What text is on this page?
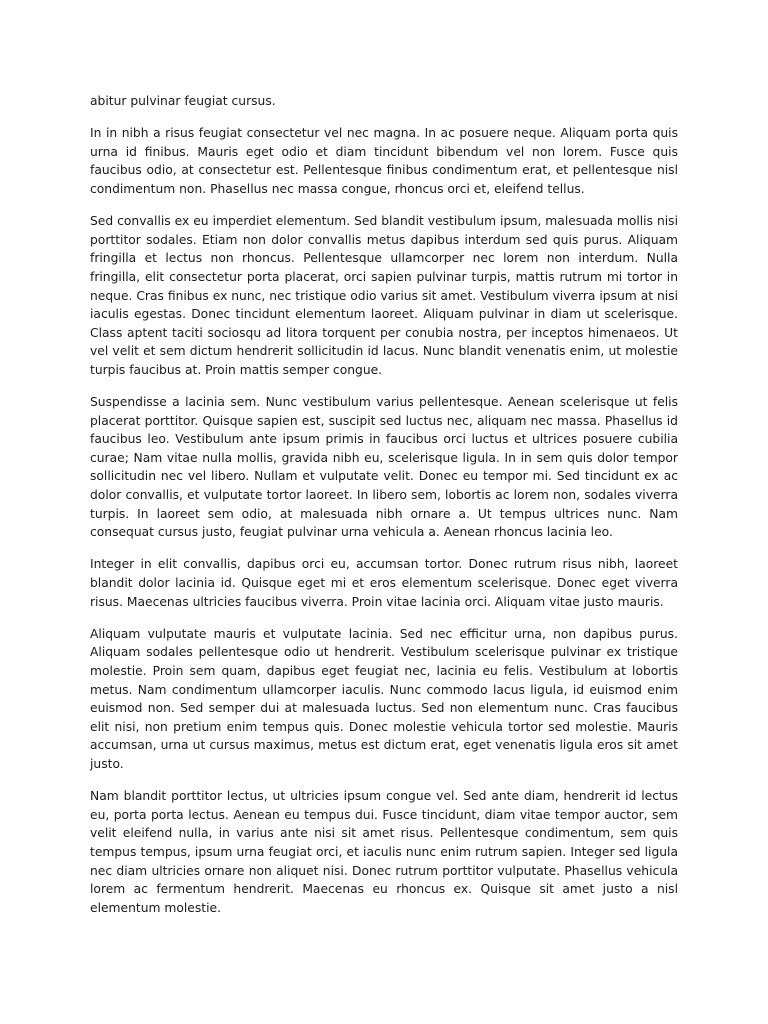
abitur pulvinar feugiat cursus.

In in nibh a risus feugiat consectetur vel nec magna. In ac posuere neque. Aliquam porta quis urna id finibus. Mauris eget odio et diam tincidunt bibendum vel non lorem. Fusce quis faucibus odio, at consectetur est. Pellentesque finibus condimentum erat, et pellentesque nisl condimentum non. Phasellus nec massa congue, rhoncus orci et, eleifend tellus.

Sed convallis ex eu imperdiet elementum. Sed blandit vestibulum ipsum, malesuada mollis nisi porttitor sodales. Etiam non dolor convallis metus dapibus interdum sed quis purus. Aliquam fringilla et lectus non rhoncus. Pellentesque ullamcorper nec lorem non interdum. Nulla fringilla, elit consectetur porta placerat, orci sapien pulvinar turpis, mattis rutrum mi tortor in neque. Cras finibus ex nunc, nec tristique odio varius sit amet. Vestibulum viverra ipsum at nisi iaculis egestas. Donec tincidunt elementum laoreet. Aliquam pulvinar in diam ut scelerisque. Class aptent taciti sociosqu ad litora torquent per conubia nostra, per inceptos himenaeos. Ut vel velit et sem dictum hendrerit sollicitudin id lacus. Nunc blandit venenatis enim, ut molestie turpis faucibus at. Proin mattis semper congue.

Suspendisse a lacinia sem. Nunc vestibulum varius pellentesque. Aenean scelerisque ut felis placerat porttitor. Quisque sapien est, suscipit sed luctus nec, aliquam nec massa. Phasellus id faucibus leo. Vestibulum ante ipsum primis in faucibus orci luctus et ultrices posuere cubilia curae; Nam vitae nulla mollis, gravida nibh eu, scelerisque ligula. In in sem quis dolor tempor sollicitudin nec vel libero. Nullam et vulputate velit. Donec eu tempor mi. Sed tincidunt ex ac dolor convallis, et vulputate tortor laoreet. In libero sem, lobortis ac lorem non, sodales viverra turpis. In laoreet sem odio, at malesuada nibh ornare a. Ut tempus ultrices nunc. Nam consequat cursus justo, feugiat pulvinar urna vehicula a. Aenean rhoncus lacinia leo.

Integer in elit convallis, dapibus orci eu, accumsan tortor. Donec rutrum risus nibh, laoreet blandit dolor lacinia id. Quisque eget mi et eros elementum scelerisque. Donec eget viverra risus. Maecenas ultricies faucibus viverra. Proin vitae lacinia orci. Aliquam vitae justo mauris.

Aliquam vulputate mauris et vulputate lacinia. Sed nec efficitur urna, non dapibus purus. Aliquam sodales pellentesque odio ut hendrerit. Vestibulum scelerisque pulvinar ex tristique molestie. Proin sem quam, dapibus eget feugiat nec, lacinia eu felis. Vestibulum at lobortis metus. Nam condimentum ullamcorper iaculis. Nunc commodo lacus ligula, id euismod enim euismod non. Sed semper dui at malesuada luctus. Sed non elementum nunc. Cras faucibus elit nisi, non pretium enim tempus quis. Donec molestie vehicula tortor sed molestie. Mauris accumsan, urna ut cursus maximus, metus est dictum erat, eget venenatis ligula eros sit amet justo.

Nam blandit porttitor lectus, ut ultricies ipsum congue vel. Sed ante diam, hendrerit id lectus eu, porta porta lectus. Aenean eu tempus dui. Fusce tincidunt, diam vitae tempor auctor, sem velit eleifend nulla, in varius ante nisi sit amet risus. Pellentesque condimentum, sem quis tempus tempus, ipsum urna feugiat orci, et iaculis nunc enim rutrum sapien. Integer sed ligula nec diam ultricies ornare non aliquet nisi. Donec rutrum porttitor vulputate. Phasellus vehicula lorem ac fermentum hendrerit. Maecenas eu rhoncus ex. Quisque sit amet justo a nisl elementum molestie.
